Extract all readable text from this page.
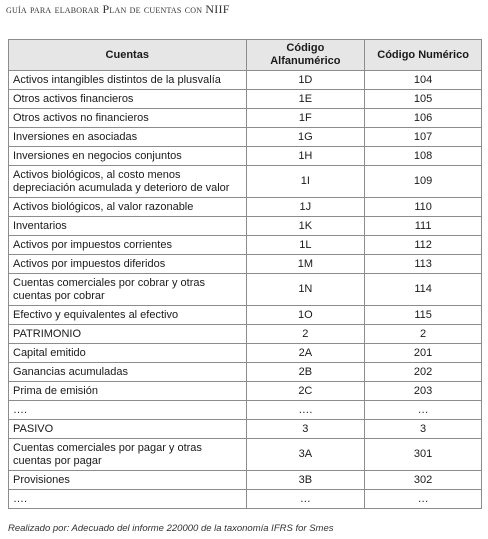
guía para elaborar Plan de cuentas con NIIF
Cuentas	Código Alfanumérico	Código Numérico
Activos intangibles distintos de la plusvalía	1D	104
Otros activos financieros	1E	105
Otros activos no financieros	1F	106
Inversiones en asociadas	1G	107
Inversiones en negocios conjuntos	1H	108
Activos biológicos, al costo menos depreciación acumulada y deterioro de valor	1I	109
Activos biológicos, al valor razonable	1J	110
Inventarios	1K	111
Activos por impuestos corrientes	1L	112
Activos por impuestos diferidos	1M	113
Cuentas comerciales por cobrar y otras cuentas por cobrar	1N	114
Efectivo y equivalentes al efectivo	1O	115
PATRIMONIO	2	2
Capital emitido	2A	201
Ganancias acumuladas	2B	202
Prima de emisión	2C	203
….	….	…
PASIVO	3	3
Cuentas comerciales por pagar y otras cuentas por pagar	3A	301
Provisiones	3B	302
….	…	…
Realizado por: Adecuado del informe 220000 de la taxonomía IFRS for Smes
